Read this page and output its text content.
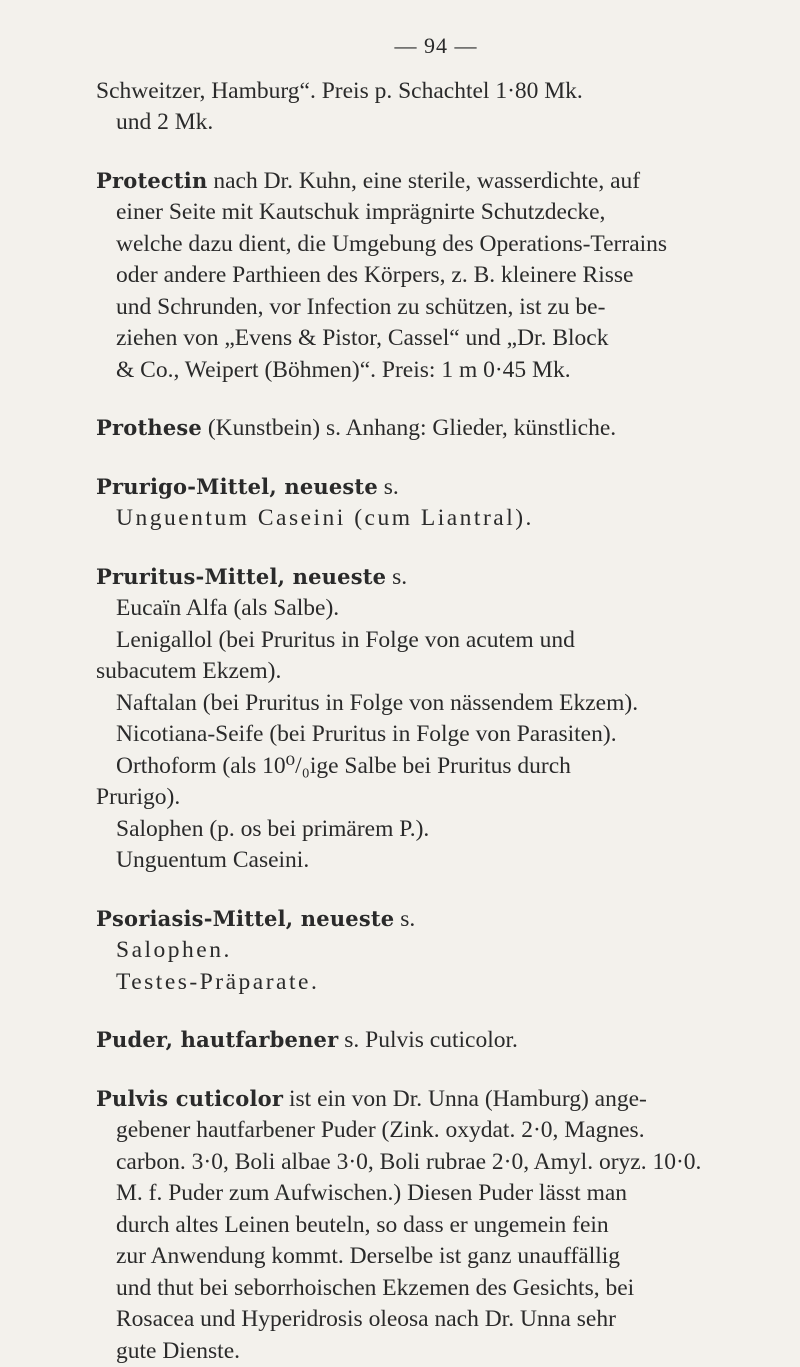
— 94 —
Schweitzer, Hamburg“. Preis p. Schachtel 1·80 Mk.
und 2 Mk.
Protectin nach Dr. Kuhn, eine sterile, wasserdichte, auf
einer Seite mit Kautschuk imprägnirte Schutzdecke,
welche dazu dient, die Umgebung des Operations-Terrains
oder andere Parthieen des Körpers, z. B. kleinere Risse
und Schrunden, vor Infection zu schützen, ist zu be-
ziehen von „Evens & Pistor, Cassel“ und „Dr. Block
& Co., Weipert (Böhmen)“. Preis: 1 m 0·45 Mk.
Prothese (Kunstbein) s. Anhang: Glieder, künstliche.
Prurigo-Mittel, neueste s.
Unguentum Caseini (cum Liantral).
Pruritus-Mittel, neueste s.
Eucaïn Alfa (als Salbe).
Lenigallol (bei Pruritus in Folge von acutem und
subacutem Ekzem).
Naftalan (bei Pruritus in Folge von nässendem Ekzem).
Nicotiana-Seife (bei Pruritus in Folge von Parasiten).
Orthoform (als 10⁰/₀ige Salbe bei Pruritus durch
Prurigo).
Salophen (p. os bei primärem P.).
Unguentum Caseini.
Psoriasis-Mittel, neueste s.
Salophen.
Testes-Präparate.
Puder, hautfarbener s. Pulvis cuticolor.
Pulvis cuticolor ist ein von Dr. Unna (Hamburg) ange-
gebener hautfarbener Puder (Zink. oxydat. 2·0, Magnes.
carbon. 3·0, Boli albae 3·0, Boli rubrae 2·0, Amyl. oryz. 10·0.
M. f. Puder zum Aufwischen.) Diesen Puder lässt man
durch altes Leinen beuteln, so dass er ungemein fein
zur Anwendung kommt. Derselbe ist ganz unauffällig
und thut bei seborrhoischen Ekzemen des Gesichts, bei
Rosacea und Hyperidrosis oleosa nach Dr. Unna sehr
gute Dienste.
